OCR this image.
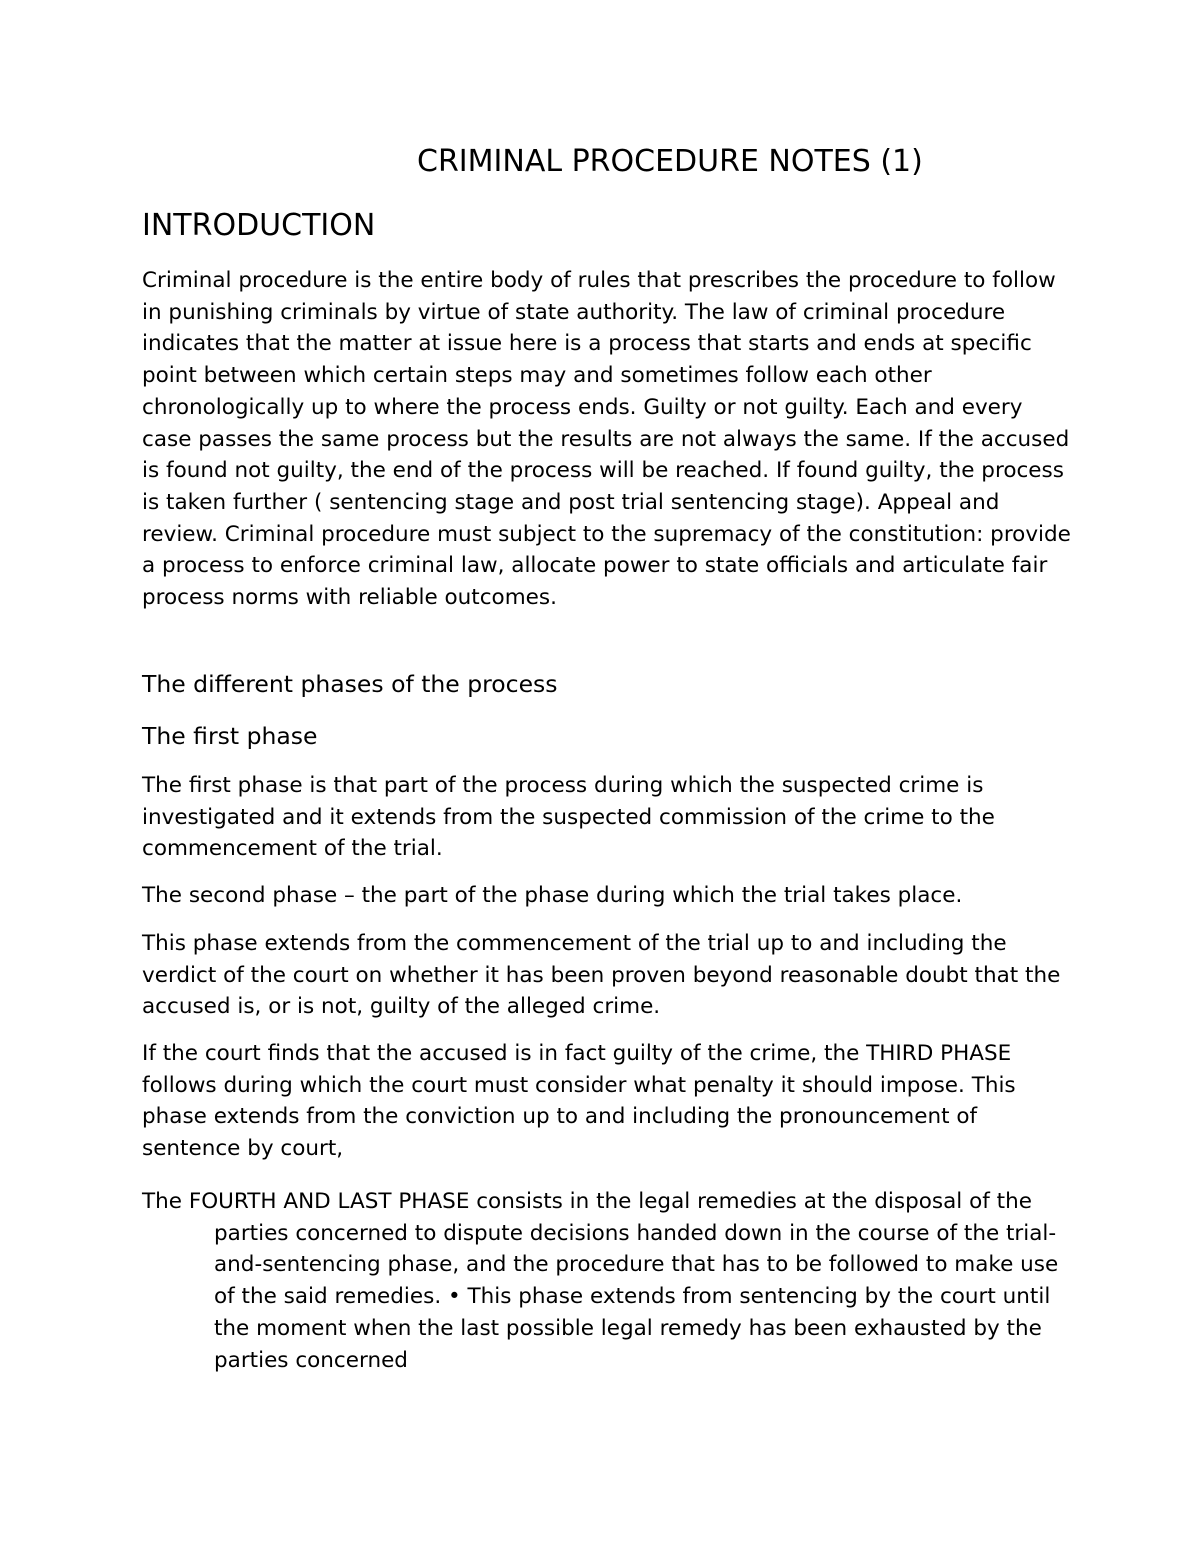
CRIMINAL PROCEDURE NOTES (1)
INTRODUCTION

Criminal procedure is the entire body of rules that prescribes the procedure to follow in punishing criminals by virtue of state authority. The law of criminal procedure indicates that the matter at issue here is a process that starts and ends at specific point between which certain steps may and sometimes follow each other chronologically up to where the process ends. Guilty or not guilty. Each and every case passes the same process but the results are not always the same. If the accused is found not guilty, the end of the process will be reached. If found guilty, the process is taken further ( sentencing stage and post trial sentencing stage). Appeal and review. Criminal procedure must subject to the supremacy of the constitution: provide a process to enforce criminal law, allocate power to state officials and articulate fair process norms with reliable outcomes.

The different phases of the process
The first phase

The first phase is that part of the process during which the suspected crime is investigated and it extends from the suspected commission of the crime to the commencement of the trial.

The second phase – the part of the phase during which the trial takes place.

This phase extends from the commencement of the trial up to and including the verdict of the court on whether it has been proven beyond reasonable doubt that the accused is, or is not, guilty of the alleged crime.

If the court finds that the accused is in fact guilty of the crime, the THIRD PHASE follows during which the court must consider what penalty it should impose. This phase extends from the conviction up to and including the pronouncement of sentence by court,

The FOURTH AND LAST PHASE consists in the legal remedies at the disposal of the parties concerned to dispute decisions handed down in the course of the trial-and-sentencing phase, and the procedure that has to be followed to make use of the said remedies. • This phase extends from sentencing by the court until the moment when the last possible legal remedy has been exhausted by the parties concerned
